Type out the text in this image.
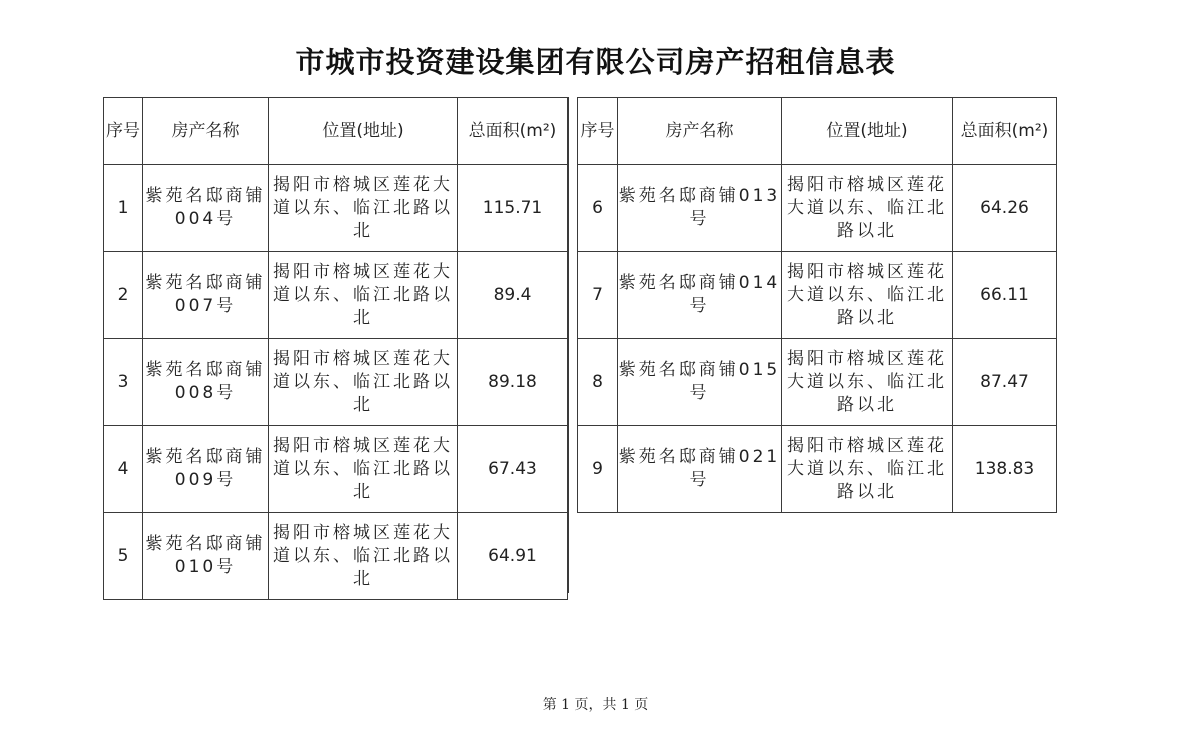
市城市投资建设集团有限公司房产招租信息表
序号	房产名称	位置(地址)	总面积(m²)
1	紫苑名邸商铺004号	揭阳市榕城区莲花大道以东、临江北路以北	115.71
2	紫苑名邸商铺007号	揭阳市榕城区莲花大道以东、临江北路以北	89.4
3	紫苑名邸商铺008号	揭阳市榕城区莲花大道以东、临江北路以北	89.18
4	紫苑名邸商铺009号	揭阳市榕城区莲花大道以东、临江北路以北	67.43
5	紫苑名邸商铺010号	揭阳市榕城区莲花大道以东、临江北路以北	64.91
序号	房产名称	位置(地址)	总面积(m²)
6	紫苑名邸商铺013号	揭阳市榕城区莲花大道以东、临江北路以北	64.26
7	紫苑名邸商铺014号	揭阳市榕城区莲花大道以东、临江北路以北	66.11
8	紫苑名邸商铺015号	揭阳市榕城区莲花大道以东、临江北路以北	87.47
9	紫苑名邸商铺021号	揭阳市榕城区莲花大道以东、临江北路以北	138.83
第 1 页，共 1 页
